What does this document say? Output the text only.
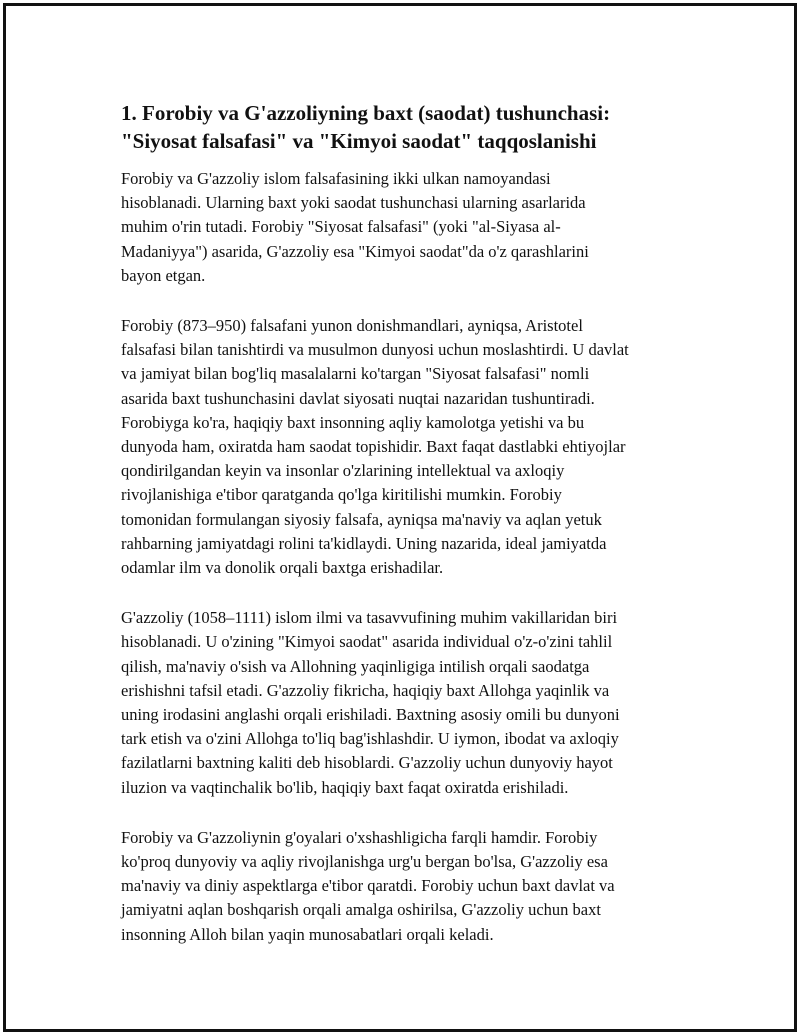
1. Forobiy va G'azzoliyning baxt (saodat) tushunchasi:
"Siyosat falsafasi" va "Kimyoi saodat" taqqoslanishi

Forobiy va G'azzoliy islom falsafasining ikki ulkan namoyandasi
hisoblanadi. Ularning baxt yoki saodat tushunchasi ularning asarlarida
muhim o'rin tutadi. Forobiy "Siyosat falsafasi" (yoki "al-Siyasa al-
Madaniyya") asarida, G'azzoliy esa "Kimyoi saodat"da o'z qarashlarini
bayon etgan.

Forobiy (873–950) falsafani yunon donishmandlari, ayniqsa, Aristotel
falsafasi bilan tanishtirdi va musulmon dunyosi uchun moslashtirdi. U davlat
va jamiyat bilan bog'liq masalalarni ko'targan "Siyosat falsafasi" nomli
asarida baxt tushunchasini davlat siyosati nuqtai nazaridan tushuntiradi.
Forobiyga ko'ra, haqiqiy baxt insonning aqliy kamolotga yetishi va bu
dunyoda ham, oxiratda ham saodat topishidir. Baxt faqat dastlabki ehtiyojlar
qondirilgandan keyin va insonlar o'zlarining intellektual va axloqiy
rivojlanishiga e'tibor qaratganda qo'lga kiritilishi mumkin. Forobiy
tomonidan formulangan siyosiy falsafa, ayniqsa ma'naviy va aqlan yetuk
rahbarning jamiyatdagi rolini ta'kidlaydi. Uning nazarida, ideal jamiyatda
odamlar ilm va donolik orqali baxtga erishadilar.

G'azzoliy (1058–1111) islom ilmi va tasavvufining muhim vakillaridan biri
hisoblanadi. U o'zining "Kimyoi saodat" asarida individual o'z-o'zini tahlil
qilish, ma'naviy o'sish va Allohning yaqinligiga intilish orqali saodatga
erishishni tafsil etadi. G'azzoliy fikricha, haqiqiy baxt Allohga yaqinlik va
uning irodasini anglashi orqali erishiladi. Baxtning asosiy omili bu dunyoni
tark etish va o'zini Allohga to'liq bag'ishlashdir. U iymon, ibodat va axloqiy
fazilatlarni baxtning kaliti deb hisoblardi. G'azzoliy uchun dunyoviy hayot
iluzion va vaqtinchalik bo'lib, haqiqiy baxt faqat oxiratda erishiladi.

Forobiy va G'azzoliynin g'oyalari o'xshashligicha farqli hamdir. Forobiy
ko'proq dunyoviy va aqliy rivojlanishga urg'u bergan bo'lsa, G'azzoliy esa
ma'naviy va diniy aspektlarga e'tibor qaratdi. Forobiy uchun baxt davlat va
jamiyatni aqlan boshqarish orqali amalga oshirilsa, G'azzoliy uchun baxt
insonning Alloh bilan yaqin munosabatlari orqali keladi.
